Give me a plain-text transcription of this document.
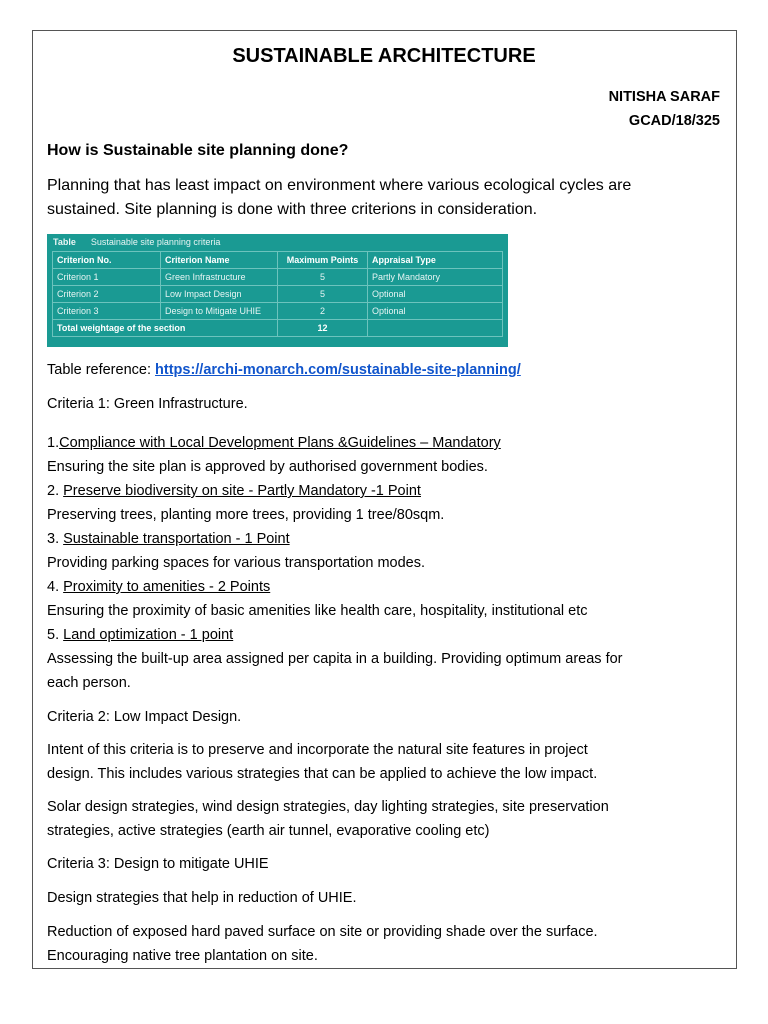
SUSTAINABLE ARCHITECTURE
NITISHA SARAF
GCAD/18/325
How is Sustainable site planning done?
Planning that has least impact on environment where various ecological cycles are
sustained. Site planning is done with three criterions in consideration.
Table Sustainable site planning criteria
Criterion No.	Criterion Name	Maximum Points	Appraisal Type
Criterion 1	Green Infrastructure	5	Partly Mandatory
Criterion 2	Low Impact Design	5	Optional
Criterion 3	Design to Mitigate UHIE	2	Optional
Total weightage of the section		12	
Table reference: https://archi-monarch.com/sustainable-site-planning/
Criteria 1: Green Infrastructure.
1.Compliance with Local Development Plans &Guidelines – Mandatory
Ensuring the site plan is approved by authorised government bodies.
2. Preserve biodiversity on site - Partly Mandatory -1 Point
Preserving trees, planting more trees, providing 1 tree/80sqm.
3. Sustainable transportation - 1 Point
Providing parking spaces for various transportation modes.
4. Proximity to amenities - 2 Points
Ensuring the proximity of basic amenities like health care, hospitality, institutional etc
5. Land optimization - 1 point
Assessing the built-up area assigned per capita in a building. Providing optimum areas for
each person.
Criteria 2: Low Impact Design.
Intent of this criteria is to preserve and incorporate the natural site features in project
design. This includes various strategies that can be applied to achieve the low impact.
Solar design strategies, wind design strategies, day lighting strategies, site preservation
strategies, active strategies (earth air tunnel, evaporative cooling etc)
Criteria 3: Design to mitigate UHIE
Design strategies that help in reduction of UHIE.
Reduction of exposed hard paved surface on site or providing shade over the surface.
Encouraging native tree plantation on site.
